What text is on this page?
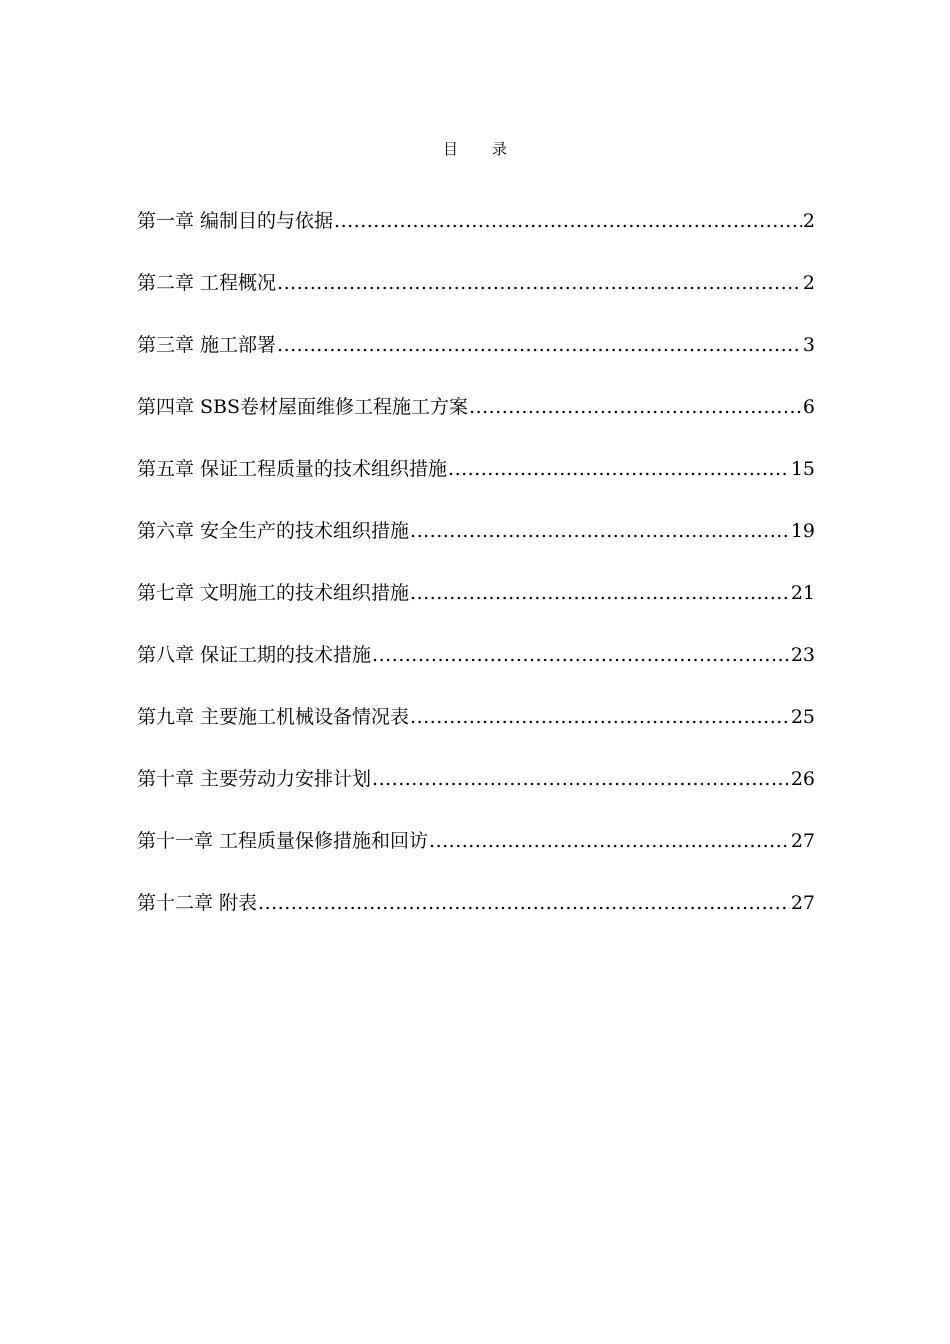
目 录
第一章 编制目的与依据 .....	2
第二章 工程概况 .....	2
第三章 施工部署 .....	3
第四章 SBS卷材屋面维修工程施工方案 .....	6
第五章 保证工程质量的技术组织措施 .....	15
第六章 安全生产的技术组织措施 .....	19
第七章 文明施工的技术组织措施 .....	21
第八章 保证工期的技术措施 .....	23
第九章 主要施工机械设备情况表 .....	25
第十章 主要劳动力安排计划 .....	26
第十一章 工程质量保修措施和回访 .....	27
第十二章 附表 .....	27
